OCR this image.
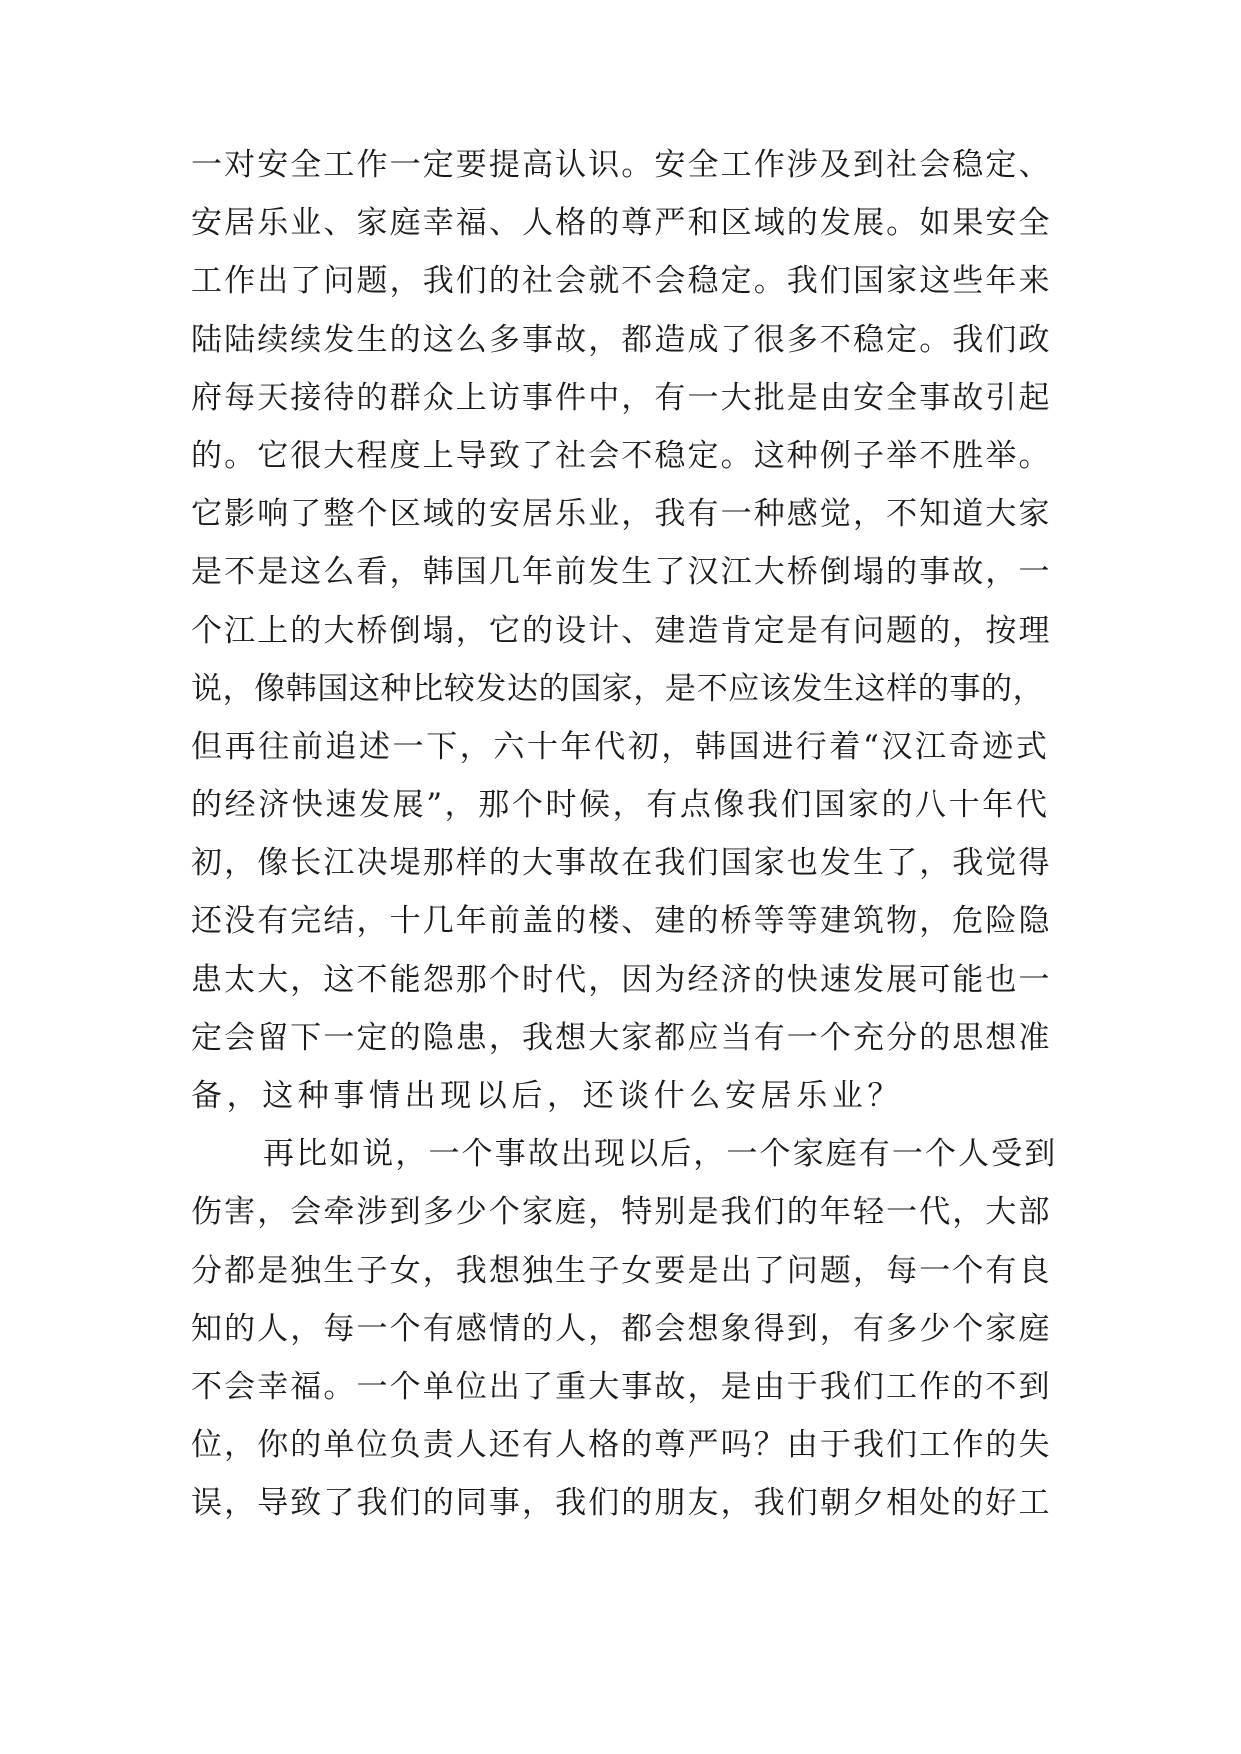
一对安全工作一定要提高认识。安全工作涉及到社会稳定、
安居乐业、家庭幸福、人格的尊严和区域的发展。如果安全
工作出了问题，我们的社会就不会稳定。我们国家这些年来
陆陆续续发生的这么多事故，都造成了很多不稳定。我们政
府每天接待的群众上访事件中，有一大批是由安全事故引起
的。它很大程度上导致了社会不稳定。这种例子举不胜举。
它影响了整个区域的安居乐业，我有一种感觉，不知道大家
是不是这么看，韩国几年前发生了汉江大桥倒塌的事故，一
个江上的大桥倒塌，它的设计、建造肯定是有问题的，按理
说，像韩国这种比较发达的国家，是不应该发生这样的事的，
但再往前追述一下，六十年代初，韩国进行着“汉江奇迹式
的经济快速发展”，那个时候，有点像我们国家的八十年代
初，像长江决堤那样的大事故在我们国家也发生了，我觉得
还没有完结，十几年前盖的楼、建的桥等等建筑物，危险隐
患太大，这不能怨那个时代，因为经济的快速发展可能也一
定会留下一定的隐患，我想大家都应当有一个充分的思想准
备，这种事情出现以后，还谈什么安居乐业？
再比如说，一个事故出现以后，一个家庭有一个人受到
伤害，会牵涉到多少个家庭，特别是我们的年轻一代，大部
分都是独生子女，我想独生子女要是出了问题，每一个有良
知的人，每一个有感情的人，都会想象得到，有多少个家庭
不会幸福。一个单位出了重大事故，是由于我们工作的不到
位，你的单位负责人还有人格的尊严吗？由于我们工作的失
误，导致了我们的同事，我们的朋友，我们朝夕相处的好工
